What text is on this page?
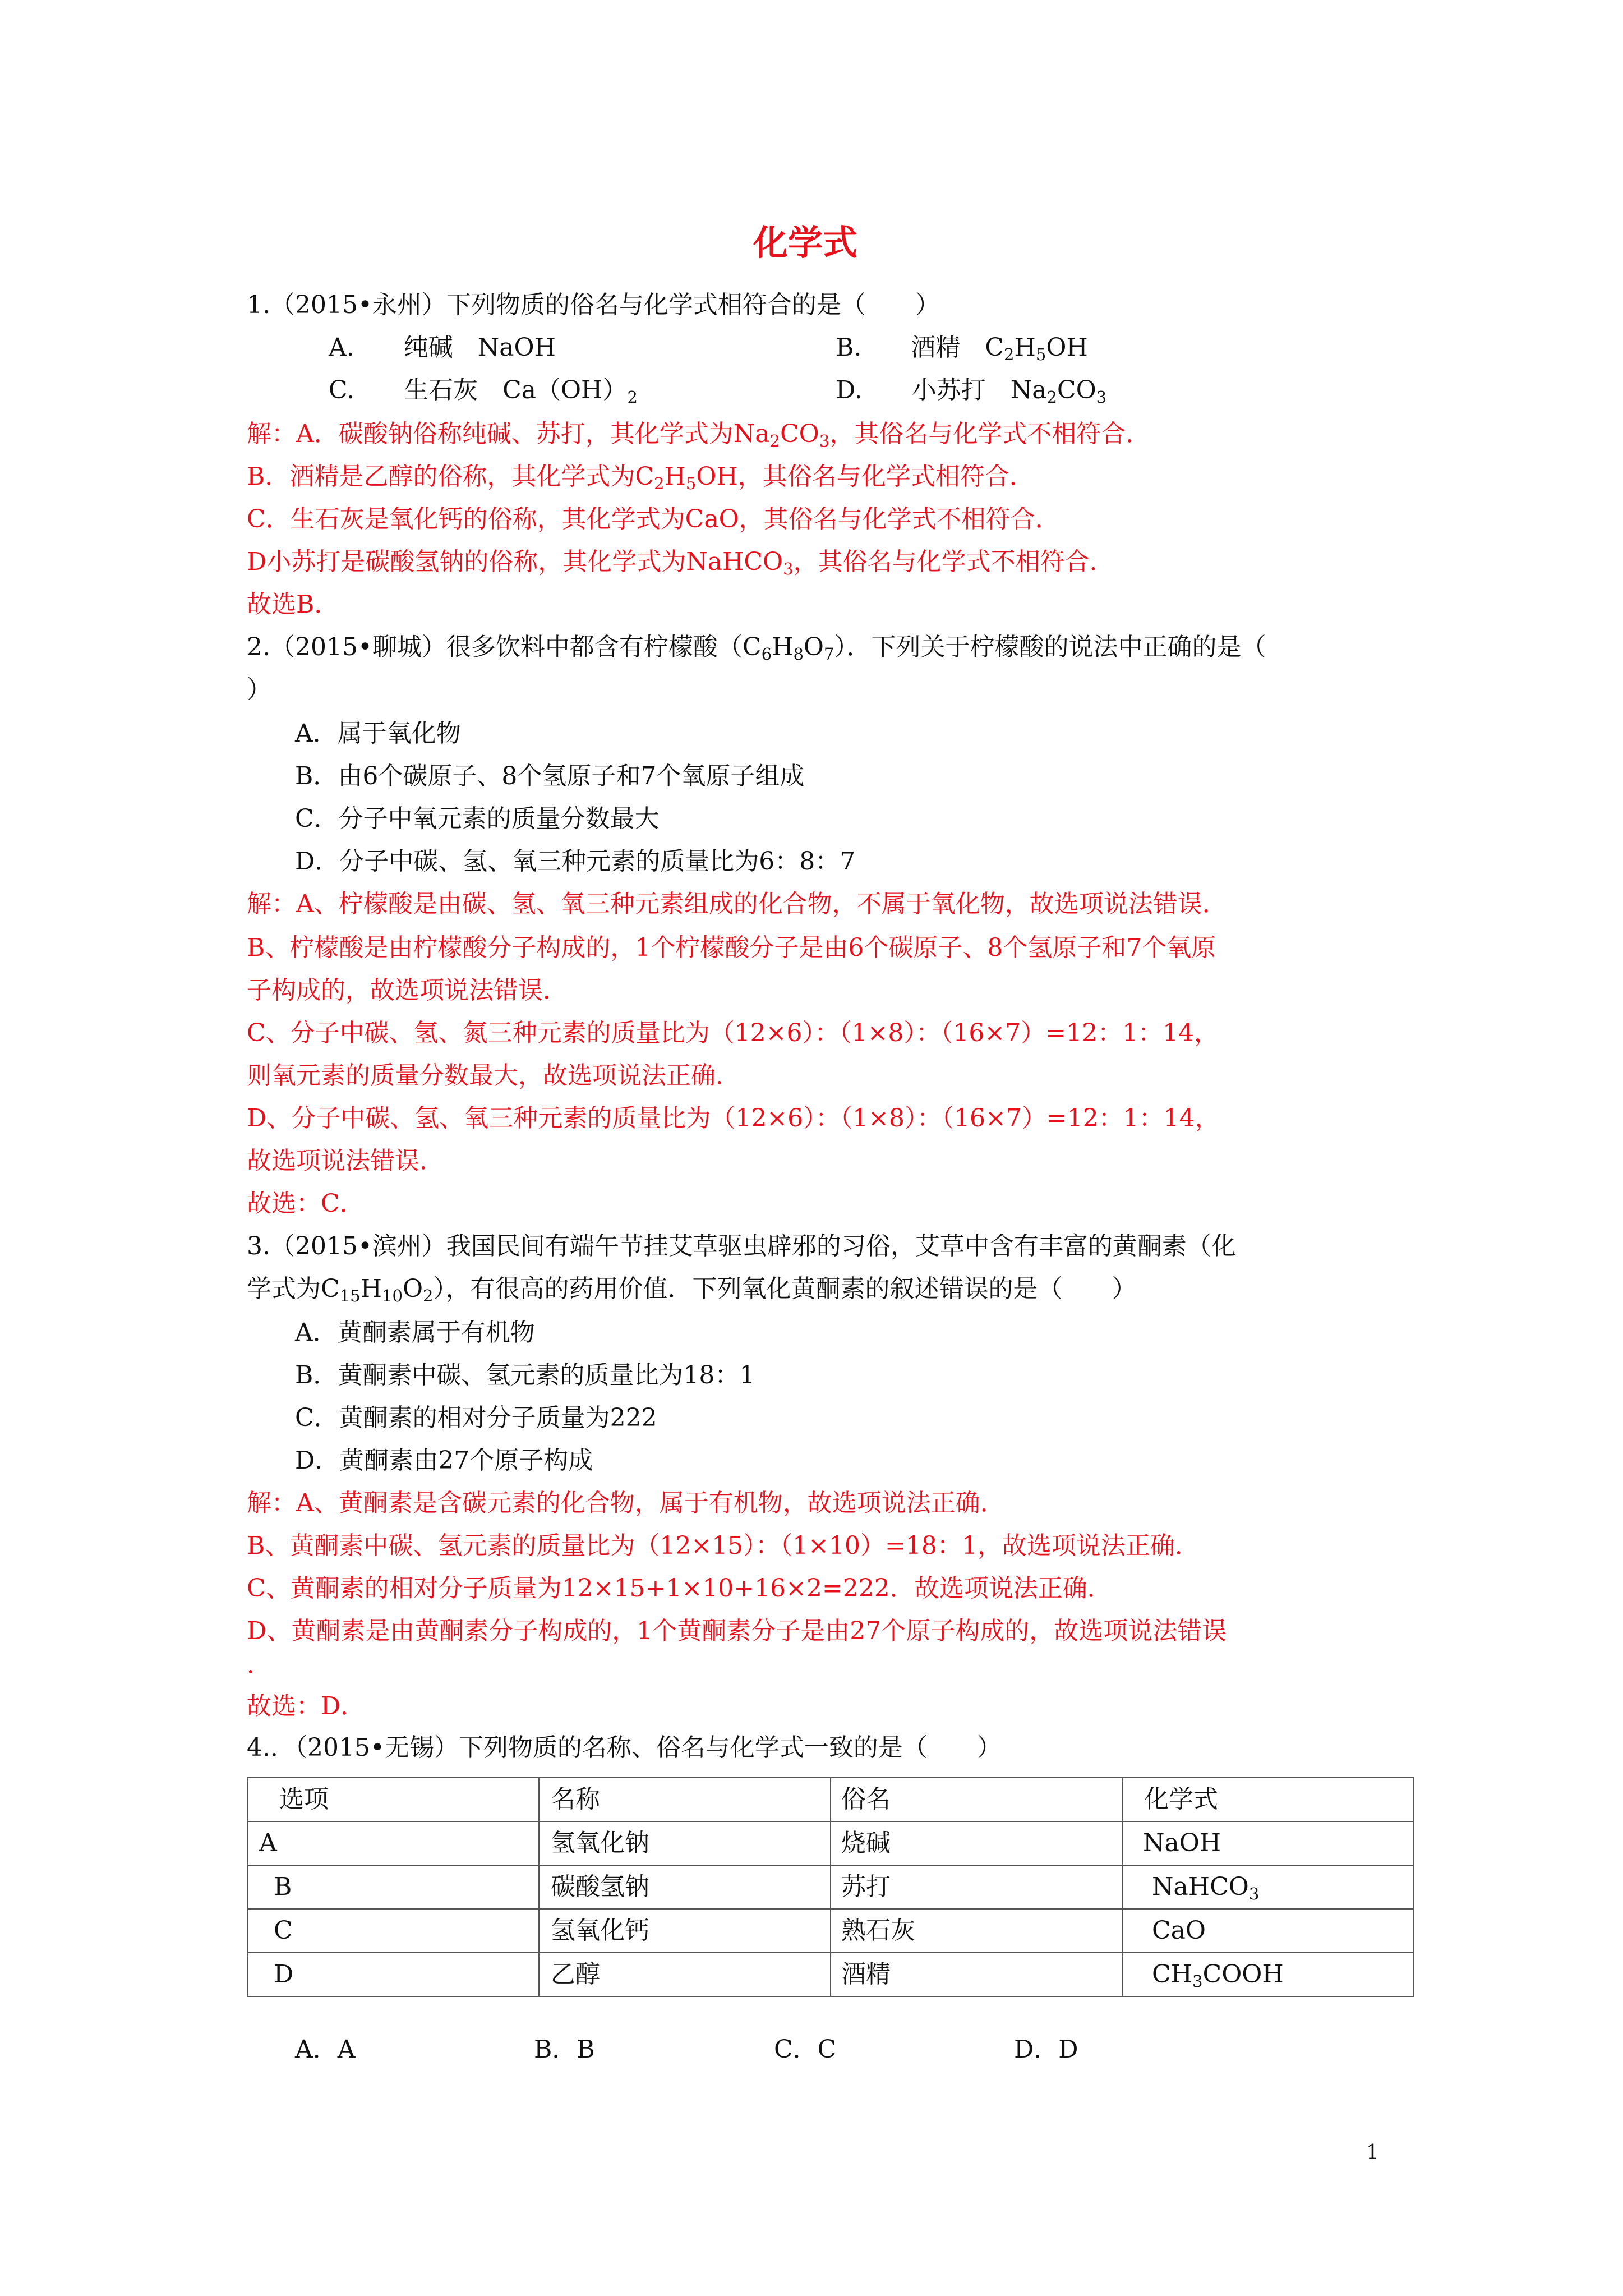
化学式
1.（2015•永州）下列物质的俗名与化学式相符合的是（　　）
A.　　纯碱　NaOH	B.　　酒精　$C_2H_5OH$
C.　　生石灰　$Ca(OH)_2$	D.　　小苏打　$Na_2CO_3$
解：A．碳酸钠俗称纯碱、苏打，其化学式为$Na_2CO_3$，其俗名与化学式不相符合．
B．酒精是乙醇的俗称，其化学式为$C_2H_5OH$，其俗名与化学式相符合．
C．生石灰是氧化钙的俗称，其化学式为CaO，其俗名与化学式不相符合．
D小苏打是碳酸氢钠的俗称，其化学式为NaHCO$_3$，其俗名与化学式不相符合．
故选B．
2.（2015•聊城）很多饮料中都含有柠檬酸$(C_6H_8O_7)$．下列关于柠檬酸的说法中正确的是（
）
A．属于氧化物
B．由6个碳原子、8个氢原子和7个氧原子组成
C．分子中氧元素的质量分数最大
D．分子中碳、氢、氧三种元素的质量比为6：8：7
解：A、柠檬酸是由碳、氢、氧三种元素组成的化合物，不属于氧化物，故选项说法错误．
B、柠檬酸是由柠檬酸分子构成的，1个柠檬酸分子是由6个碳原子、8个氢原子和7个氧原
子构成的，故选项说法错误．
C、分子中碳、氢、氮三种元素的质量比为（12×6）：（1×8）：（16×7）=12：1：14，
则氧元素的质量分数最大，故选项说法正确．
D、分子中碳、氢、氧三种元素的质量比为（12×6）：（1×8）：（16×7）=12：1：14，
故选项说法错误．
故选：C．
3.（2015•滨州）我国民间有端午节挂艾草驱虫辟邪的习俗，艾草中含有丰富的黄酮素（化
学式为$C_{15}H_{10}O_2$），有很高的药用价值．下列氧化黄酮素的叙述错误的是（　　）
A．黄酮素属于有机物
B．黄酮素中碳、氢元素的质量比为18：1
C．黄酮素的相对分子质量为222
D．黄酮素由27个原子构成
解：A、黄酮素是含碳元素的化合物，属于有机物，故选项说法正确．
B、黄酮素中碳、氢元素的质量比为（12×15）：（1×10）=18：1，故选项说法正确．
C、黄酮素的相对分子质量为12×15+1×10+16×2=222．故选项说法正确．
D、黄酮素是由黄酮素分子构成的，1个黄酮素分子是由27个原子构成的，故选项说法错误
．
故选：D．
4.．（2015•无锡）下列物质的名称、俗名与化学式一致的是（　　）
选项	名称	俗名	化学式
A	氢氧化钠	烧碱	NaOH
B	碳酸氢钠	苏打	NaHCO$_3$
C	氢氧化钙	熟石灰	CaO
D	乙醇	酒精	$CH_3COOH$
A．A	B．B	C．C	D．D
1
